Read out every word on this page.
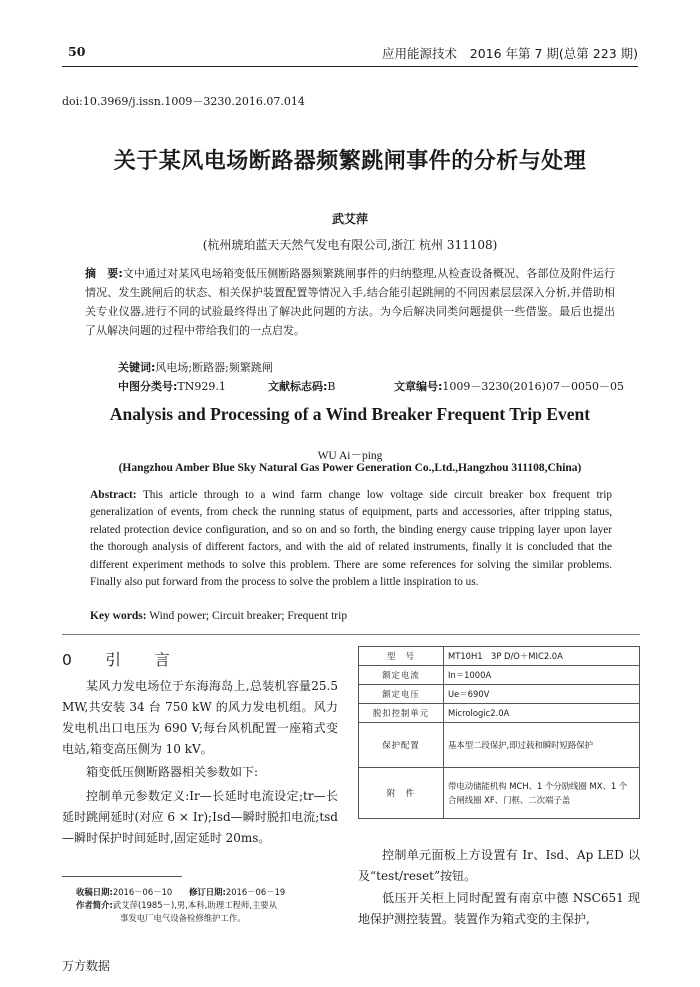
50	应用能源技术 2016 年第 7 期(总第 223 期)
doi:10.3969/j.issn.1009－3230.2016.07.014
关于某风电场断路器频繁跳闸事件的分析与处理
武艾萍
(杭州琥珀蓝天天然气发电有限公司,浙江 杭州 311108)
摘　要:文中通过对某风电场箱变低压侧断路器频繁跳闸事件的归纳整理,从检查设备概况、各部位及附件运行情况、发生跳闸后的状态、相关保护装置配置等情况入手,结合能引起跳闸的不同因素层层深入分析,并借助相关专业仪器,进行不同的试验最终得出了解决此问题的方法。为今后解决同类问题提供一些借鉴。最后也提出了从解决问题的过程中带给我们的一点启发。
关键词:风电场;断路器;频繁跳闸
中图分类号:TN929.1	文献标志码:B	文章编号:1009－3230(2016)07－0050－05
Analysis and Processing of a Wind Breaker Frequent Trip Event
WU Ai－ping
(Hangzhou Amber Blue Sky Natural Gas Power Generation Co.,Ltd.,Hangzhou 311108,China)
Abstract: This article through to a wind farm change low voltage side circuit breaker box frequent trip generalization of events, from check the running status of equipment, parts and accessories, after tripping status, related protection device configuration, and so on and so forth, the binding energy cause tripping layer upon layer the thorough analysis of different factors, and with the aid of related instruments, finally it is concluded that the different experiment methods to solve this problem. There are some references for solving the similar problems. Finally also put forward from the process to solve the problem a little inspiration to us.
Key words: Wind power; Circuit breaker; Frequent trip
0　引　言
某风力发电场位于东海海岛上,总装机容量25.5 MW,共安装 34 台 750 kW 的风力发电机组。风力发电机出口电压为 690 V;每台风机配置一座箱式变电站,箱变高压侧为 10 kV。
箱变低压侧断路器相关参数如下:
控制单元参数定义:Ir—长延时电流设定;tr—长延时跳闸延时(对应 6 × Ir);Isd—瞬时脱扣电流;tsd—瞬时保护时间延时,固定延时 20ms。
型　号	MT10H1　3P D/O＋MIC2.0A
额定电流	In＝1000A
额定电压	Ue＝690V
脱扣控制单元	Micrologic2.0A
保护配置	基本型二段保护,即过载和瞬时短路保护
附　件	带电动储能机构 MCH、1 个分励线圈 MX、1 个合闸线圈 XF、门框、二次端子盖
控制单元面板上方设置有 Ir、Isd、Ap LED 以及“test/reset”按钮。
低压开关柜上同时配置有南京中德 NSC651 现地保护测控装置。装置作为箱式变的主保护,
收稿日期:2016－06－10　　 修订日期:2016－06－19
作者简介:武艾萍(1985－),男,本科,助理工程师,主要从
事发电厂电气设备检修维护工作。
万方数据
